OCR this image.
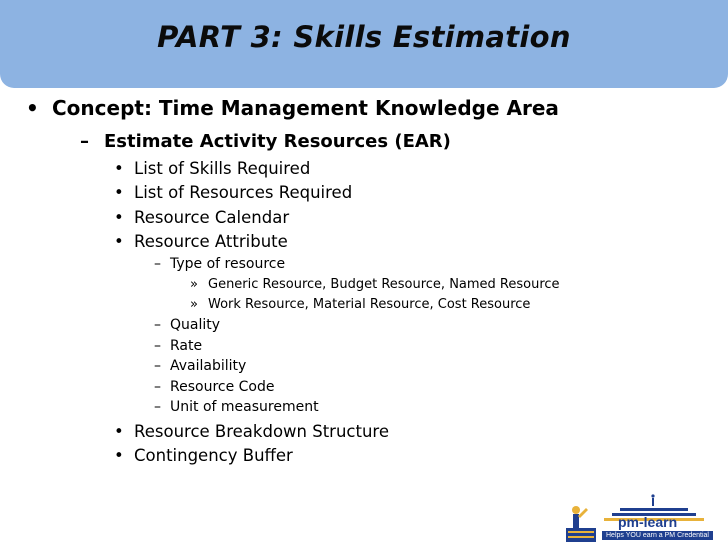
PART 3: Skills Estimation
• Concept: Time Management Knowledge Area
– Estimate Activity Resources (EAR)
• List of Skills Required
• List of Resources Required
• Resource Calendar
• Resource Attribute
– Type of resource
» Generic Resource, Budget Resource, Named Resource
» Work Resource, Material Resource, Cost Resource
– Quality
– Rate
– Availability
– Resource Code
– Unit of measurement
• Resource Breakdown Structure
• Contingency Buffer
pm-learn
Helps YOU earn a PM Credential
